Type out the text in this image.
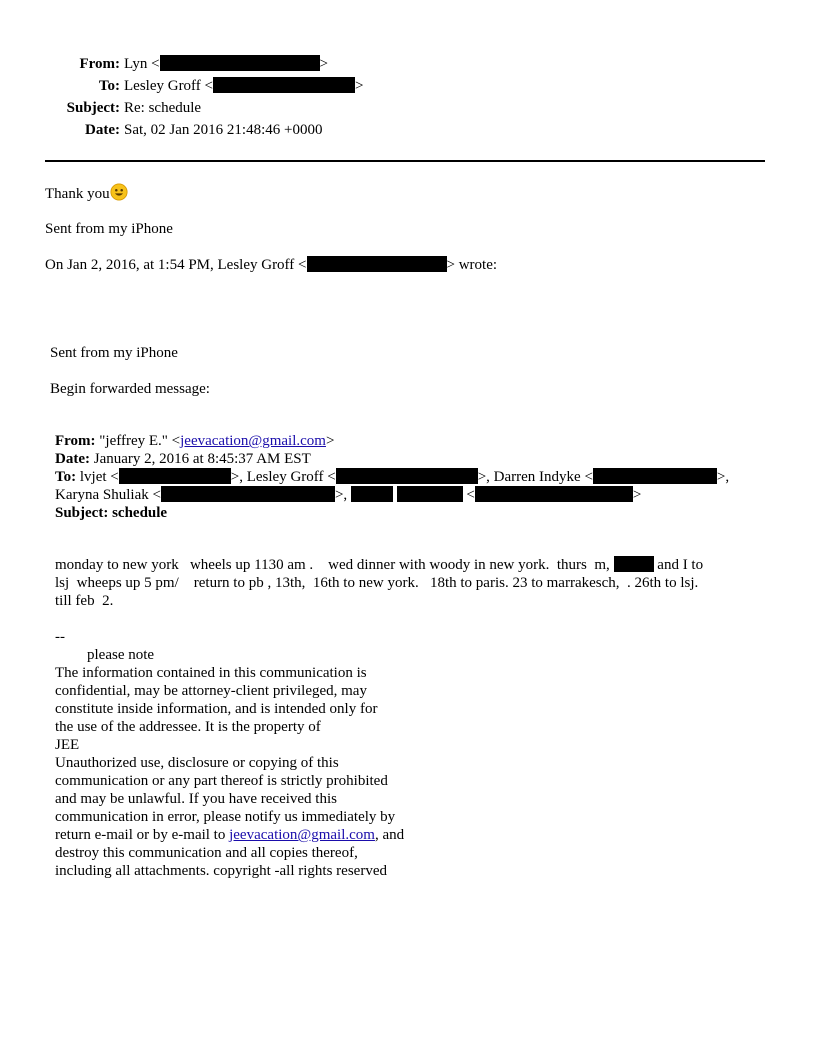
From: Lyn <	>
To: Lesley Groff <	>
Subject: Re: schedule
Date: Sat, 02 Jan 2016 21:48:46 +0000
Thank you
Sent from my iPhone
On Jan 2, 2016, at 1:54 PM, Lesley Groff <	> wrote:
Sent from my iPhone
Begin forwarded message:
From: "jeffrey E." <jeevacation@gmail.com>
Date: January 2, 2016 at 8:45:37 AM EST
To: lvjet <	>, Lesley Groff <	>, Darren Indyke <	>,
Karyna Shuliak <	>,	<	>
Subject: schedule
monday to new york   wheels up 1130 am .    wed dinner with woody in new york.  thurs  m,	and I to
lsj  wheeps up 5 pm/    return to pb , 13th,  16th to new york.   18th to paris. 23 to marrakesch,  . 26th to lsj.
till feb  2.
--
please note
The information contained in this communication is
confidential, may be attorney-client privileged, may
constitute inside information, and is intended only for
the use of the addressee. It is the property of
JEE
Unauthorized use, disclosure or copying of this
communication or any part thereof is strictly prohibited
and may be unlawful. If you have received this
communication in error, please notify us immediately by
return e-mail or by e-mail to jeevacation@gmail.com, and
destroy this communication and all copies thereof,
including all attachments. copyright -all rights reserved
